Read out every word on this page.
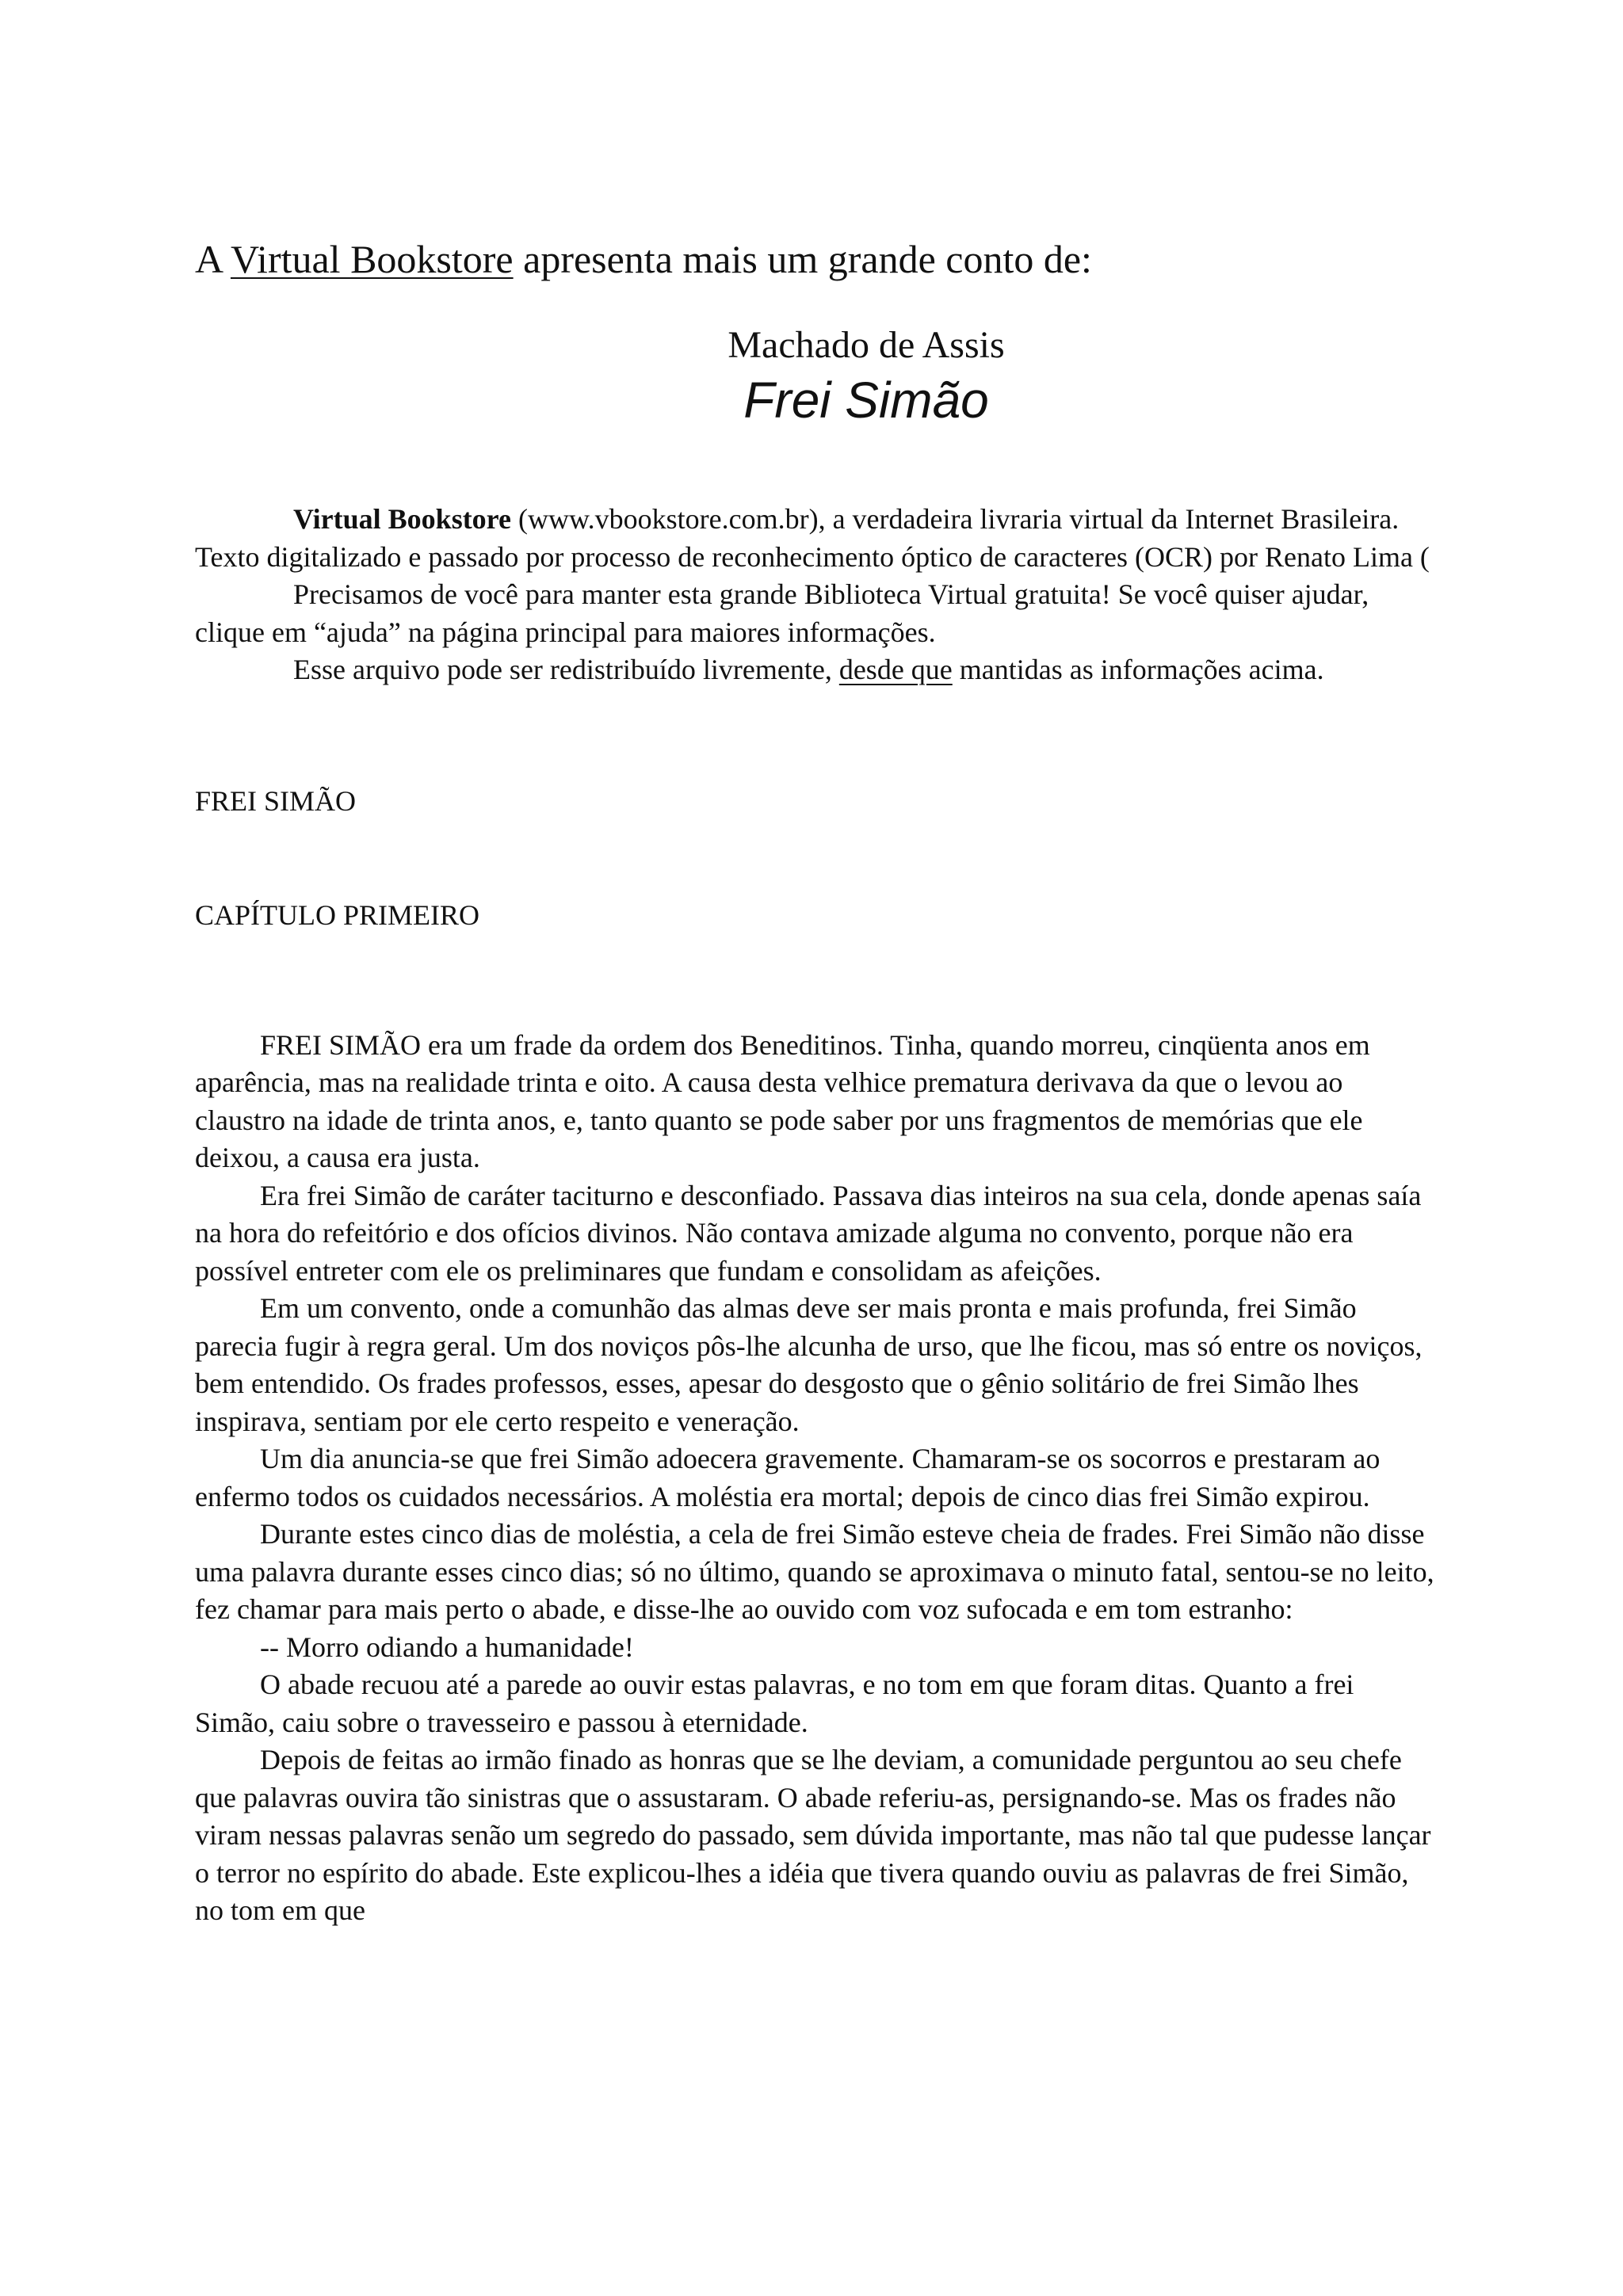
A Virtual Bookstore apresenta mais um grande conto de:

Machado de Assis
Frei Simão

Virtual Bookstore (www.vbookstore.com.br), a verdadeira livraria virtual da Internet Brasileira. Texto digitalizado e passado por processo de reconhecimento óptico de caracteres (OCR) por Renato Lima (

Precisamos de você para manter esta grande Biblioteca Virtual gratuita! Se você quiser ajudar, clique em “ajuda” na página principal para maiores informações.

Esse arquivo pode ser redistribuído livremente, desde que mantidas as informações acima.

FREI SIMÃO

CAPÍTULO PRIMEIRO

FREI SIMÃO era um frade da ordem dos Beneditinos. Tinha, quando morreu, cinqüenta anos em aparência, mas na realidade trinta e oito. A causa desta velhice prematura derivava da que o levou ao claustro na idade de trinta anos, e, tanto quanto se pode saber por uns fragmentos de memórias que ele deixou, a causa era justa.

Era frei Simão de caráter taciturno e desconfiado. Passava dias inteiros na sua cela, donde apenas saía na hora do refeitório e dos ofícios divinos. Não contava amizade alguma no convento, porque não era possível entreter com ele os preliminares que fundam e consolidam as afeições.

Em um convento, onde a comunhão das almas deve ser mais pronta e mais profunda, frei Simão parecia fugir à regra geral. Um dos noviços pôs-lhe alcunha de urso, que lhe ficou, mas só entre os noviços, bem entendido. Os frades professos, esses, apesar do desgosto que o gênio solitário de frei Simão lhes inspirava, sentiam por ele certo respeito e veneração.

Um dia anuncia-se que frei Simão adoecera gravemente. Chamaram-se os socorros e prestaram ao enfermo todos os cuidados necessários. A moléstia era mortal; depois de cinco dias frei Simão expirou.

Durante estes cinco dias de moléstia, a cela de frei Simão esteve cheia de frades. Frei Simão não disse uma palavra durante esses cinco dias; só no último, quando se aproximava o minuto fatal, sentou-se no leito, fez chamar para mais perto o abade, e disse-lhe ao ouvido com voz sufocada e em tom estranho:

-- Morro odiando a humanidade!

O abade recuou até a parede ao ouvir estas palavras, e no tom em que foram ditas. Quanto a frei Simão, caiu sobre o travesseiro e passou à eternidade.

Depois de feitas ao irmão finado as honras que se lhe deviam, a comunidade perguntou ao seu chefe que palavras ouvira tão sinistras que o assustaram. O abade referiu-as, persignando-se. Mas os frades não viram nessas palavras senão um segredo do passado, sem dúvida importante, mas não tal que pudesse lançar o terror no espírito do abade. Este explicou-lhes a idéia que tivera quando ouviu as palavras de frei Simão, no tom em que
